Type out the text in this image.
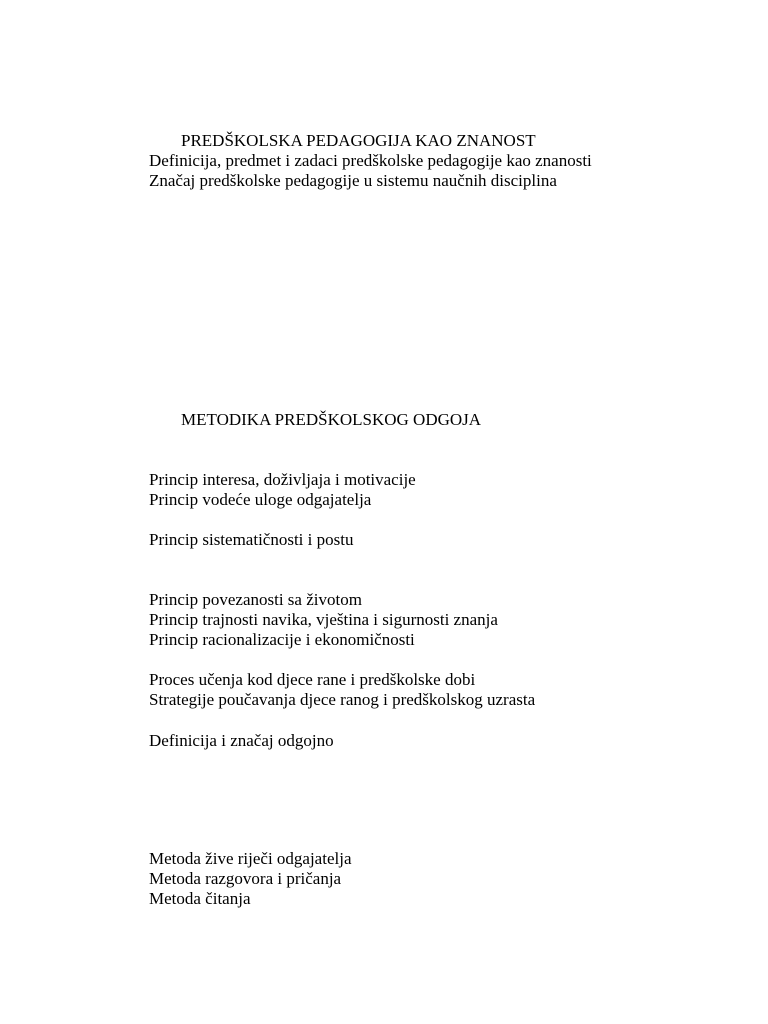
PREDŠKOLSKA PEDAGOGIJA KAO ZNANOST
Definicija, predmet i zadaci predškolske pedagogije kao znanosti
Značaj predškolske pedagogije u sistemu naučnih disciplina
METODIKA PREDŠKOLSKOG ODGOJA
Princip interesa, doživljaja i motivacije
Princip vodeće uloge odgajatelja
Princip sistematičnosti i postu
Princip povezanosti sa životom
Princip trajnosti navika, vještina i sigurnosti znanja
Princip racionalizacije i ekonomičnosti
Proces učenja kod djece rane i predškolske dobi
Strategije poučavanja djece ranog i predškolskog uzrasta
Definicija i značaj odgojno
Metoda žive riječi odgajatelja
Metoda razgovora i pričanja
Metoda čitanja
